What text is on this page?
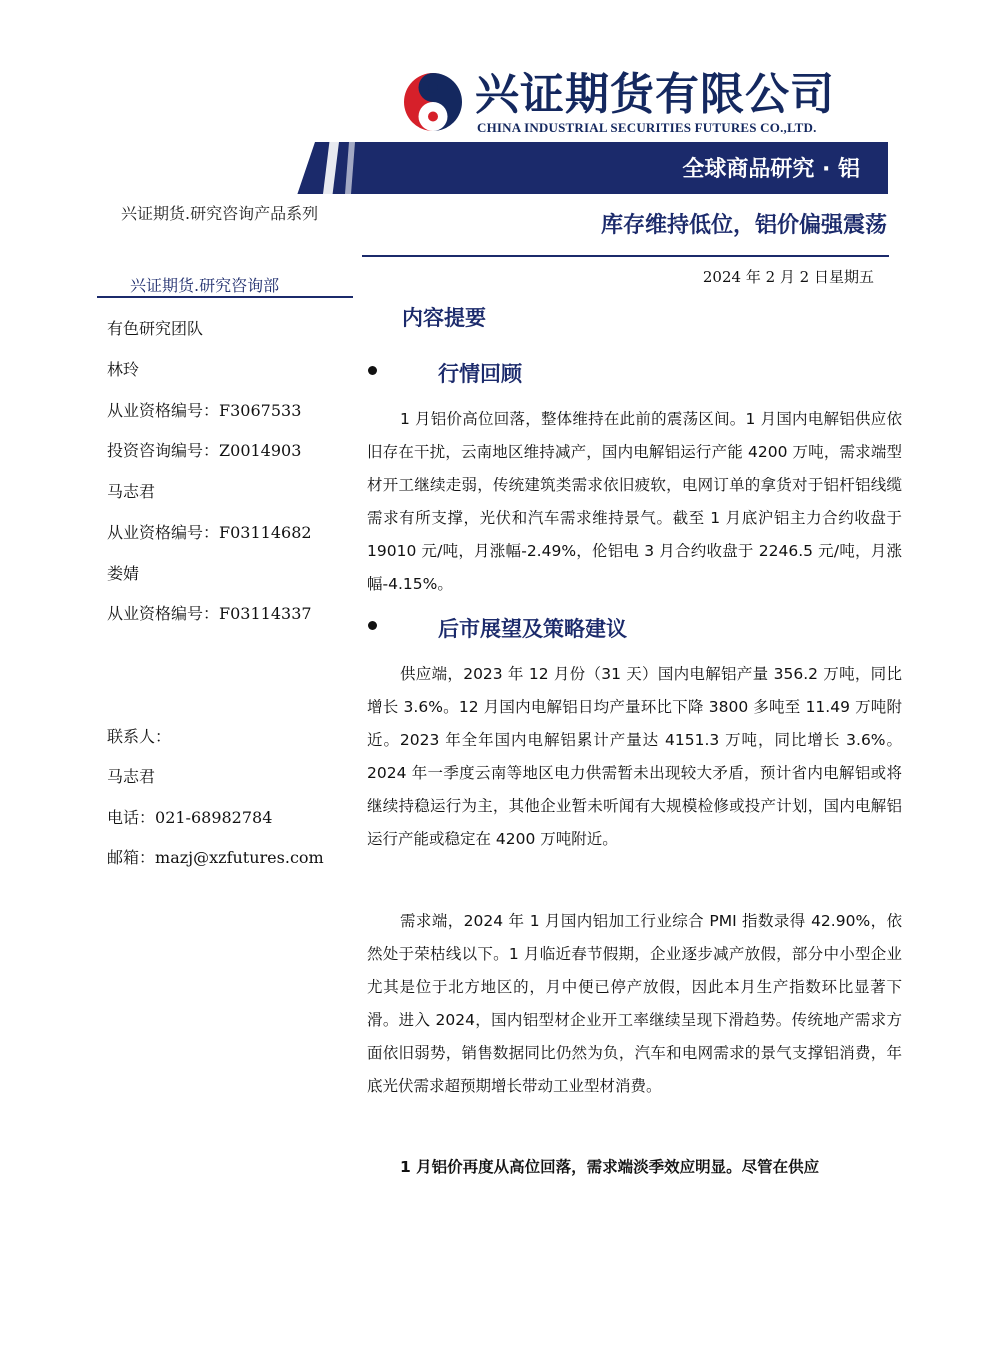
兴证期货有限公司
CHINA INDUSTRIAL SECURITIES FUTURES CO.,LTD.
全球商品研究 · 铝
兴证期货.研究咨询产品系列	库存维持低位，铝价偏强震荡
2024 年 2 月 2 日星期五
兴证期货.研究咨询部
有色研究团队
林玲
从业资格编号：F3067533
投资咨询编号：Z0014903
马志君
从业资格编号：F03114682
娄婧
从业资格编号：F03114337
联系人：
马志君
电话：021-68982784
邮箱：mazj@xzfutures.com
内容提要
行情回顾

1 月铝价高位回落，整体维持在此前的震荡区间。1 月国内电解铝供应依旧存在干扰，云南地区维持减产，国内电解铝运行产能 4200 万吨，需求端型材开工继续走弱，传统建筑类需求依旧疲软，电网订单的拿货对于铝杆铝线缆需求有所支撑，光伏和汽车需求维持景气。截至 1 月底沪铝主力合约收盘于 19010 元/吨，月涨幅-2.49%，伦铝电 3 月合约收盘于 2246.5 元/吨，月涨幅-4.15%。

后市展望及策略建议

供应端，2023 年 12 月份（31 天）国内电解铝产量 356.2 万吨，同比增长 3.6%。12 月国内电解铝日均产量环比下降 3800 多吨至 11.49 万吨附近。2023 年全年国内电解铝累计产量达 4151.3 万吨，同比增长 3.6%。2024 年一季度云南等地区电力供需暂未出现较大矛盾，预计省内电解铝或将继续持稳运行为主，其他企业暂未听闻有大规模检修或投产计划，国内电解铝运行产能或稳定在 4200 万吨附近。

需求端，2024 年 1 月国内铝加工行业综合 PMI 指数录得 42.90%，依然处于荣枯线以下。1 月临近春节假期，企业逐步减产放假，部分中小型企业尤其是位于北方地区的，月中便已停产放假，因此本月生产指数环比显著下滑。进入 2024，国内铝型材企业开工率继续呈现下滑趋势。传统地产需求方面依旧弱势，销售数据同比仍然为负，汽车和电网需求的景气支撑铝消费，年底光伏需求超预期增长带动工业型材消费。

1 月铝价再度从高位回落，需求端淡季效应明显。尽管在供应
